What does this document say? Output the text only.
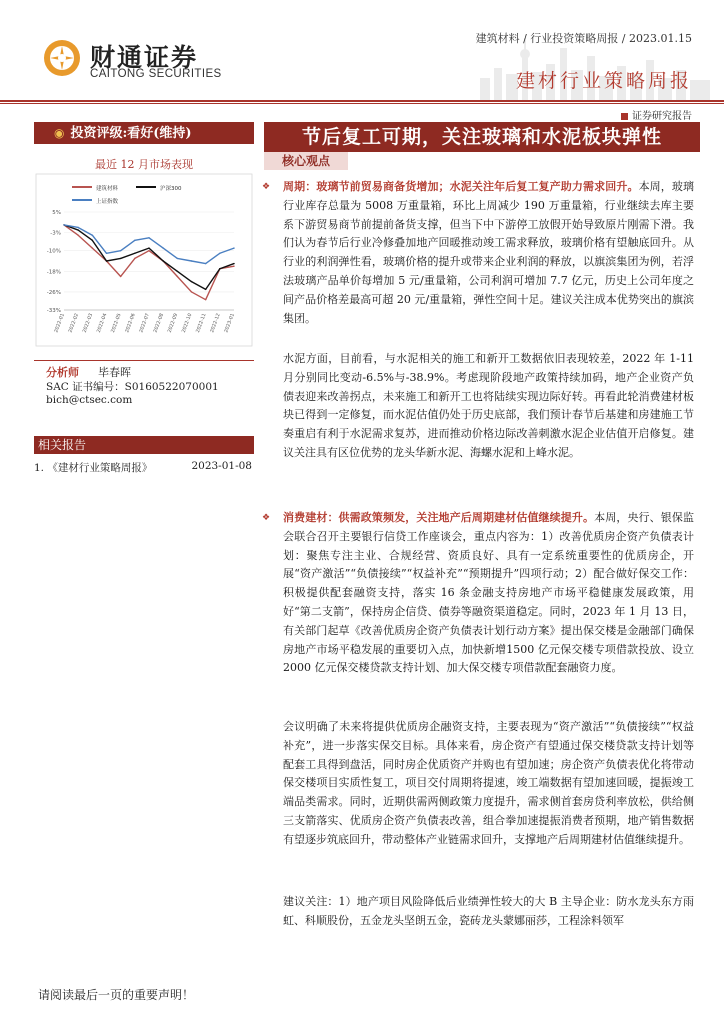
财通证券
CAITONG SECURITIES
建筑材料 / 行业投资策略周报 / 2023.01.15
建材行业策略周报
证券研究报告
◉ 投资评级:看好(维持)
最近 12 月市场表现
建筑材料	沪深300
上证指数
5%
-3%
-10%
-18%
-26%
-33%
2022-01 2022-02 2022-03 2022-04 2022-05 2022-06 2022-07 2022-08 2022-09 2022-10 2022-11 2022-12 2023-01
分析师 毕春晖
SAC 证书编号：S0160522070001
bich@ctsec.com
相关报告
1. 《建材行业策略周报》	2023-01-08
节后复工可期，关注玻璃和水泥板块弹性
核心观点
❖ 周期：玻璃节前贸易商备货增加；水泥关注年后复工复产助力需求回升。本周，玻璃行业库存总量为 5008 万重量箱，环比上周减少 190 万重量箱，行业继续去库主要系下游贸易商节前提前备货支撑，但当下中下游停工放假开始导致原片刚需下滑。我们认为春节后行业冷修叠加地产回暖推动竣工需求释放，玻璃价格有望触底回升。从行业的利润弹性看，玻璃价格的提升或带来企业利润的释放，以旗滨集团为例，若浮法玻璃产品单价每增加 5 元/重量箱，公司利润可增加 7.7 亿元，历史上公司年度之间产品价格差最高可超 20 元/重量箱，弹性空间十足。建议关注成本优势突出的旗滨集团。
水泥方面，目前看，与水泥相关的施工和新开工数据依旧表现较差，2022 年 1-11 月分别同比变动-6.5%与-38.9%。考虑现阶段地产政策持续加码，地产企业资产负债表迎来改善拐点，未来施工和新开工也将陆续实现边际好转。再看此轮消费建材板块已得到一定修复，而水泥估值仍处于历史底部，我们预计春节后基建和房建施工节奏重启有利于水泥需求复苏，进而推动价格边际改善刺激水泥企业估值开启修复。建议关注具有区位优势的龙头华新水泥、海螺水泥和上峰水泥。
❖ 消费建材：供需政策频发，关注地产后周期建材估值继续提升。本周，央行、银保监会联合召开主要银行信贷工作座谈会，重点内容为：1）改善优质房企资产负债表计划：聚焦专注主业、合规经营、资质良好、具有一定系统重要性的优质房企，开展“资产激活”“负债接续”“权益补充”“预期提升”四项行动；2）配合做好保交工作：积极提供配套融资支持，落实 16 条金融支持房地产市场平稳健康发展政策，用好“第二支箭”，保持房企信贷、债券等融资渠道稳定。同时，2023 年 1 月 13 日，有关部门起草《改善优质房企资产负债表计划行动方案》提出保交楼是金融部门确保房地产市场平稳发展的重要切入点，加快新增1500 亿元保交楼专项借款投放、设立 2000 亿元保交楼贷款支持计划、加大保交楼专项借款配套融资力度。
会议明确了未来将提供优质房企融资支持，主要表现为“资产激活”“负债接续”“权益补充”，进一步落实保交目标。具体来看，房企资产有望通过保交楼贷款支持计划等配套工具得到盘活，同时房企优质资产并购也有望加速；房企资产负债表优化将带动保交楼项目实质性复工，项目交付周期将提速，竣工端数据有望加速回暖，提振竣工端品类需求。同时，近期供需两侧政策力度提升，需求侧首套房贷利率放松，供给侧三支箭落实、优质房企资产负债表改善，组合拳加速提振消费者预期，地产销售数据有望逐步筑底回升，带动整体产业链需求回升，支撑地产后周期建材估值继续提升。
建议关注：1）地产项目风险降低后业绩弹性较大的大 B 主导企业：防水龙头东方雨虹、科顺股份，五金龙头坚朗五金，瓷砖龙头蒙娜丽莎，工程涂料领军
请阅读最后一页的重要声明！
